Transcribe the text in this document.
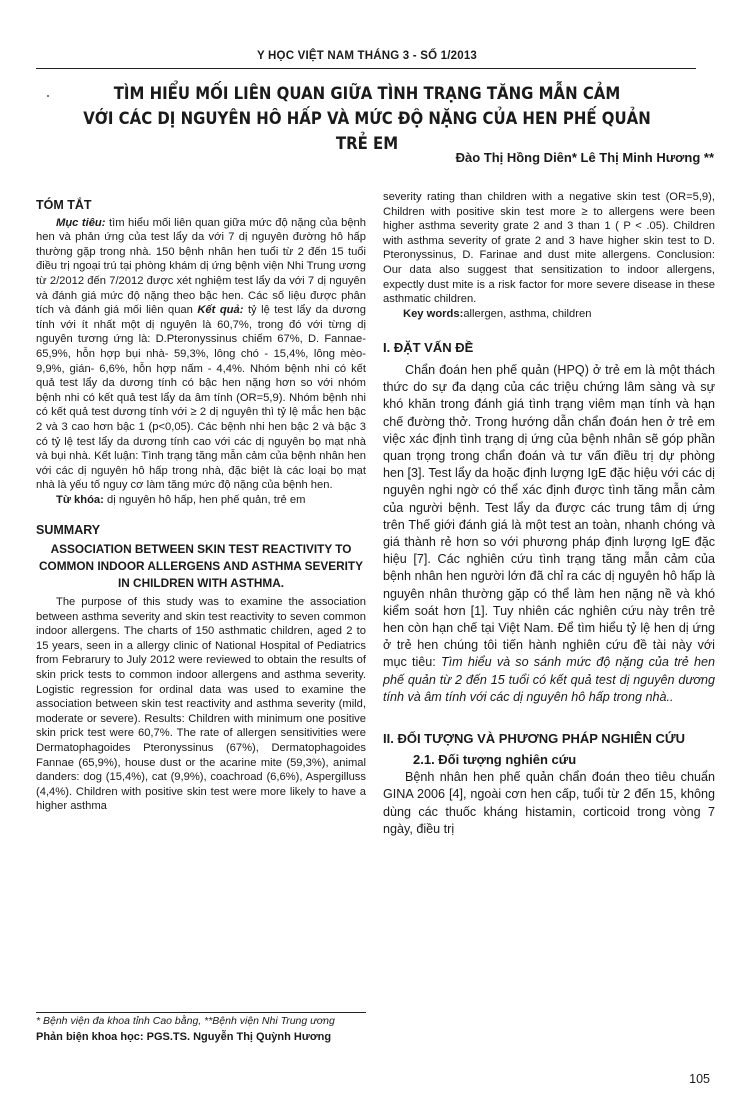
Y HỌC VIỆT NAM THÁNG 3 - SỐ 1/2013
TÌM HIỂU MỐI LIÊN QUAN GIỮA TÌNH TRẠNG TĂNG MẪN CẢM
VỚI CÁC DỊ NGUYÊN HÔ HẤP VÀ MỨC ĐỘ NẶNG CỦA HEN PHẾ QUẢN TRẺ EM
Đào Thị Hồng Diên* Lê Thị Minh Hương **
TÓM TẮT

Mục tiêu: tìm hiểu mối liên quan giữa mức độ nặng của bệnh hen và phản ứng của test lẩy da với 7 dị nguyên đường hô hấp thường gặp trong nhà. 150 bệnh nhân hen tuổi từ 2 đến 15 tuổi điều trị ngoại trú tại phòng khám dị ứng bệnh viện Nhi Trung ương từ 2/2012 đến 7/2012 được xét nghiệm test lẩy da với 7 dị nguyên và đánh giá mức độ nặng theo bậc hen. Các số liệu được phân tích và đánh giá mối liên quan Kết quả: tỷ lệ test lẩy da dương tính với ít nhất một dị nguyên là 60,7%, trong đó với từng dị nguyên tương ứng là: D.Pteronyssinus chiếm 67%, D. Fannae- 65,9%, hỗn hợp bụi nhà- 59,3%, lông chó - 15,4%, lông mèo- 9,9%, gián- 6,6%, hỗn hợp nấm - 4,4%. Nhóm bệnh nhi có kết quả test lẩy da dương tính có bậc hen nặng hơn so với nhóm bệnh nhi có kết quả test lẩy da âm tính (OR=5,9). Nhóm bệnh nhi có kết quả test dương tính với ≥ 2 dị nguyên thì tỷ lệ mắc hen bậc 2 và 3 cao hơn bậc 1 (p<0,05). Các bệnh nhi hen bậc 2 và bậc 3 có tỷ lệ test lẩy da dương tính cao với các dị nguyên bọ mạt nhà và bụi nhà. Kết luận: Tình trạng tăng mẫn cảm của bệnh nhân hen với các dị nguyên hô hấp trong nhà, đặc biệt là các loại bọ mạt nhà là yếu tố nguy cơ làm tăng mức độ nặng của bệnh hen.

Từ khóa: dị nguyên hô hấp, hen phế quản, trẻ em

SUMMARY
ASSOCIATION BETWEEN SKIN TEST REACTIVITY TO COMMON INDOOR ALLERGENS AND ASTHMA SEVERITY IN CHILDREN WITH ASTHMA.

The purpose of this study was to examine the association between asthma severity and skin test reactivity to seven common indoor allergens. The charts of 150 asthmatic children, aged 2 to 15 years, seen in a allergy clinic of National Hospital of Pediatrics from Febrarury to July 2012 were reviewed to obtain the results of skin prick tests to common indoor allergens and asthma severity. Logistic regression for ordinal data was used to examine the association between skin test reactivity and asthma severity (mild, moderate or severe). Results: Children with minimum one positive skin prick test were 60,7%. The rate of allergen sensitivities were Dermatophagoides Pteronyssinus (67%), Dermatophagoides Fannae (65,9%), house dust or the acarine mite (59,3%), animal danders: dog (15,4%), cat (9,9%), coachroad (6,6%), Aspergilluss (4,4%). Children with positive skin test were more likely to have a higher asthma

severity rating than children with a negative skin test (OR=5,9), Children with positive skin test more ≥ to allergens were been higher asthma severity grate 2 and 3 than 1 ( P < .05). Children with asthma severity of grate 2 and 3 have higher skin test to D. Pteronyssinus, D. Farinae and dust mite allergens. Conclusion: Our data also suggest that sensitization to indoor allergens, expectly dust mite is a risk factor for more severe disease in these asthmatic children.

Key words:allergen, asthma, children

I. ĐẶT VẤN ĐỀ

Chẩn đoán hen phế quản (HPQ) ở trẻ em là một thách thức do sự đa dạng của các triệu chứng lâm sàng và sự khó khăn trong đánh giá tình trạng viêm mạn tính và hạn chế đường thở. Trong hướng dẫn chẩn đoán hen ở trẻ em việc xác định tình trạng dị ứng của bệnh nhân sẽ góp phần quan trọng trong chẩn đoán và tư vấn điều trị dự phòng hen [3]. Test lẩy da hoặc định lượng IgE đặc hiệu với các dị nguyên nghi ngờ có thể xác định được tình tăng mẫn cảm của người bệnh. Test lẩy da được các trung tâm dị ứng trên Thế giới đánh giá là một test an toàn, nhanh chóng và giá thành rẻ hơn so với phương pháp định lượng IgE đặc hiệu [7]. Các nghiên cứu tình trạng tăng mẫn cảm của bệnh nhân hen người lớn đã chỉ ra các dị nguyên hô hấp là nguyên nhân thường gặp có thể làm hen nặng nề và khó kiểm soát hơn [1]. Tuy nhiên các nghiên cứu này trên trẻ hen còn hạn chế tại Việt Nam. Để tìm hiểu tỷ lệ hen dị ứng ở trẻ hen chúng tôi tiến hành nghiên cứu đề tài này với mục tiêu: Tìm hiểu và so sánh mức độ nặng của trẻ hen phế quản từ 2 đến 15 tuổi có kết quả test dị nguyên dương tính và âm tính với các dị nguyên hô hấp trong nhà..

II. ĐỐI TƯỢNG VÀ PHƯƠNG PHÁP NGHIÊN CỨU
2.1. Đối tượng nghiên cứu

Bệnh nhân hen phế quản chẩn đoán theo tiêu chuẩn GINA 2006 [4], ngoài cơn hen cấp, tuổi từ 2 đến 15, không dùng các thuốc kháng histamin, corticoid trong vòng 7 ngày, điều trị

* Bệnh viện đa khoa tỉnh Cao bằng, **Bệnh viện Nhi Trung ương
Phản biện khoa học: PGS.TS. Nguyễn Thị Quỳnh Hương
105
